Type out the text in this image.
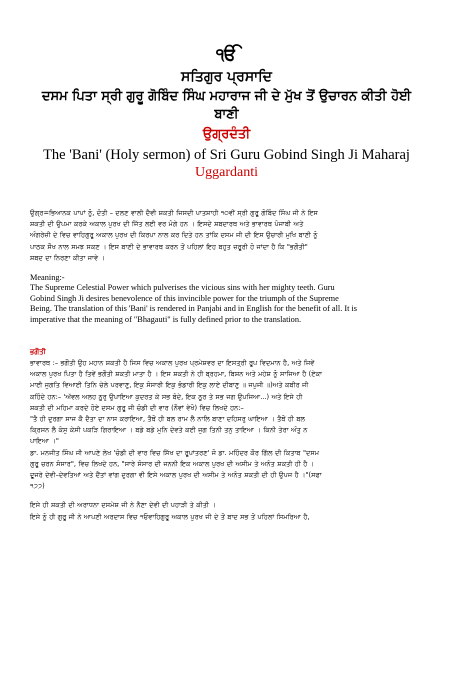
ੴ
ਸਤਿਗੁਰ ਪ੍ਰਸਾਦਿ
ਦਸਮ ਪਿਤਾ ਸ੍ਰੀ ਗੁਰੂ ਗੋਬਿੰਦ ਸਿੰਘ ਮਹਾਰਾਜ ਜੀ ਦੇ ਮੁੱਖ ਤੋਂ ਉਚਾਰਨ ਕੀਤੀ ਹੋਈ
ਬਾਣੀ
ਉਗ੍ਰਦੰਤੀ
The 'Bani' (Holy sermon) of Sri Guru Gobind Singh Ji Maharaj
Uggardanti

ਉਗ੍ਰ=ਭਿਆਨਕ ਪਾਪਾਂ ਨੂੰ, ਦੰਤੀ – ਦਲਣ ਵਾਲੀ ਦੈਵੀ ਸ਼ਕਤੀ ਜਿਸਦੀ ਪਾਤਸ਼ਾਹੀ ੧੦ਵੀਂ ਸ੍ਰੀ ਗੁਰੂ ਗੋਬਿੰਦ ਸਿੰਘ ਜੀ ਨੇ ਇਸ

ਸ਼ਕਤੀ ਦੀ ਉਪਮਾ ਕਰਕੇ ਅਕਾਲ ਪੁਰਖ ਦੀ ਜਿੱਤ ਲਈ ਵਰ ਮੰਗੇ ਹਨ । ਇਸਦੇ ਸ਼ਬਦਾਰਥ ਅਤੇ ਭਾਵਾਰਥ ਪੰਜਾਬੀ ਅਤੇ

ਅੰਗਰੇਜ਼ੀ ਦੇ ਵਿਚ ਵਾਹਿਗੁਰੂ ਅਕਾਲ ਪੁਰਖ ਦੀ ਕਿਰਪਾ ਨਾਲ ਕਰ ਦਿਤੇ ਹਨ ਤਾਂਕਿ ਦਸਮ ਜੀ ਦੀ ਇਸ ਉਚਾਰੀ ਮੁਖਿ ਬਾਣੀ ਨੂੰ

ਪਾਠਕ ਸੌਖ ਨਾਲ ਸਮਝ ਸਕਣ । ਇਸ ਬਾਣੀ ਦੇ ਭਾਵਾਰਥ ਕਰਨ ਤੋਂ ਪਹਿਲਾਂ ਇਹ ਬਹੁਤ ਜ਼ਰੂਰੀ ਹੋ ਜਾਂਦਾ ਹੈ ਕਿ "ਭਗੌਤੀ"

ਸ਼ਬਦ ਦਾ ਨਿਰਣਾ ਕੀਤਾ ਜਾਵੇ ।

Meaning:-

The Supreme Celestial Power which pulverises the vicious sins with her mighty teeth. Guru

Gobind Singh Ji desires benevolence of this invincible power for the triumph of the Supreme

Being. The translation of this 'Bani' is rendered in Panjabi and in English for the benefit of all. It is

imperative that the meaning of "Bhagauti" is fully defined prior to the translation.

ਭਗੌਤੀ

ਭਾਵਾਰਥ :– ਭਗੌਤੀ ਉਹ ਮਹਾਨ ਸ਼ਕਤੀ ਹੈ ਜਿਸ ਵਿਚ ਅਕਾਲ ਪੁਰਖ ਪ੍ਰਮੇਸ਼ਵਰ ਦਾ ਇਸਤ੍ਰੀ ਰੂਪ ਵਿਦਮਾਨ ਹੈ, ਅਤੇ ਜਿਵੇਂ

ਅਕਾਲ ਪੁਰਖ ਪਿਤਾ ਹੈ ਤਿਵੇਂ ਭਗੌਤੀ ਸ਼ਕਤੀ ਮਾਤਾ ਹੈ । ਇਸ ਸ਼ਕਤੀ ਨੇ ਹੀ ਬ੍ਰਹਮਾ, ਬਿਸ਼ਨ ਅਤੇ ਮਹੇਸ਼ ਨੂੰ ਸਾਜਿਆ ਹੈ (ਏਕਾ

ਮਾਈ ਜੁਗਤਿ ਵਿਆਈ ਤਿਨਿ ਚੇਲੇ ਪਰਵਾਣੁ, ਇਕੁ ਸੰਸਾਰੀ ਇਕੁ ਭੰਡਾਰੀ ਇਕੁ ਲਾਏ ਦੀਬਾਣੁ ॥ ਜਪੁਜੀ ॥)ਅਤੇ ਕਬੀਰ ਜੀ

ਕਹਿੰਦੇ ਹਨ:– 'ਅੱਵਲ ਅਲਹ ਨੂਰੁ ਉਪਾਇਆ ਕੁਦਰਤ ਕੇ ਸਭ ਬੰਦੇ, ਇਕ ਨੂਰ ਤੇ ਸਭ ਜਗ ਉਪਜਿਆ...) ਅਤੇ ਇਸੇ ਹੀ

ਸ਼ਕਤੀ ਦੀ ਮਹਿਮਾ ਕਰਦੇ ਹੋਏ ਦਸਮ ਗੁਰੂ ਜੀ ਚੰਡੀ ਦੀ ਵਾਰ (ਨੌਵਾਂ ਵੇਖੋ) ਵਿਚ ਲਿਖਦੇ ਹਨ:–

"ਤੈ ਹੀ ਦੁਰਗਾ ਸਾਜ ਕੈ ਦੈਤਾ ਦਾ ਨਾਸ ਕਰਾਇਆ, ਤੈਥੋਂ ਹੀ ਬਲ ਰਾਮ ਲੈ ਨਾਲਿ ਬਾਣਾ ਦਹਿਸਰੁ ਘਾਇਆ । ਤੈਥੋਂ ਹੀ ਬਲ

ਕ੍ਰਿਸਨ ਲੈ ਕੰਸੁ ਕੇਸੀ ਪਕੜਿ ਗਿਰਾਇਆ । ਬਡੇ ਬਡੇ ਮੁਨਿ ਦੇਵਤੇ ਕਈ ਜੁਗ ਤਿਨੀ ਤਨੁ ਤਾਇਆ । ਕਿਨੀ ਤੇਰਾ ਅੰਤੁ ਨ

ਪਾਇਆ ।"

ਡਾ. ਮਨਜੀਤ ਸਿੰਘ ਜੀ ਆਪਣੇ ਲੇਖ 'ਚੰਡੀ ਦੀ ਵਾਰ ਵਿਚ ਸਿੱਖ ਦਾ ਰੂਪਾਂਤਰਣ' ਜੋ ਡਾ. ਮਹਿੰਦਰ ਕੌਰ ਗਿੱਲ ਦੀ ਕਿਤਾਬ "ਦਸਮ

ਗੁਰੂ ਚਰਨ ਸੰਸਾਰ", ਵਿਚ ਲਿਖਦੇ ਹਨ, "ਸਾਰੇ ਸੰਸਾਰ ਦੀ ਜਨਨੀ ਇਕ ਅਕਾਲ ਪੁਰਖ ਦੀ ਅਸੀਮ ਤੇ ਅਨੰਤ ਸ਼ਕਤੀ ਹੀ ਹੈ ।

ਦੂਜਰੇ ਦੇਵੀ–ਦੇਵਤਿਆਂ ਅਤੇ ਦੈਂਤਾਂ ਵਾਂਗ ਦੁਰਗਾ ਵੀ ਇਸੇ ਅਕਾਲ ਪੁਰਖ ਦੀ ਅਸੀਮ ਤੇ ਅਨੰਤ ਸ਼ਕਤੀ ਦੀ ਹੀ ਉਪਜ ਹੈ ।"(ਸਫਾ

੧੭੭)

ਇਸੇ ਹੀ ਸ਼ਕਤੀ ਦੀ ਅਰਾਧਨਾ ਦਸਮੇਸ਼ ਜੀ ਨੇ ਨੈਣਾ ਦੇਵੀ ਦੀ ਪਹਾੜੀ ਤੇ ਕੀਤੀ ।

ਇਸੇ ਨੂੰ ਹੀ ਗੁਰੂ ਜੀ ਨੇ ਆਪਣੀ ਅਰਦਾਸ ਵਿਚ ੧ਓਵਾਹਿਗੁਰੂ ਅਕਾਲ ਪੁਰਖ ਜੀ ਦੇ ਤੋਂ ਬਾਦ ਸਭ ਤੋਂ ਪਹਿਲਾਂ ਸਿਮਰਿਆ ਹੈ,
